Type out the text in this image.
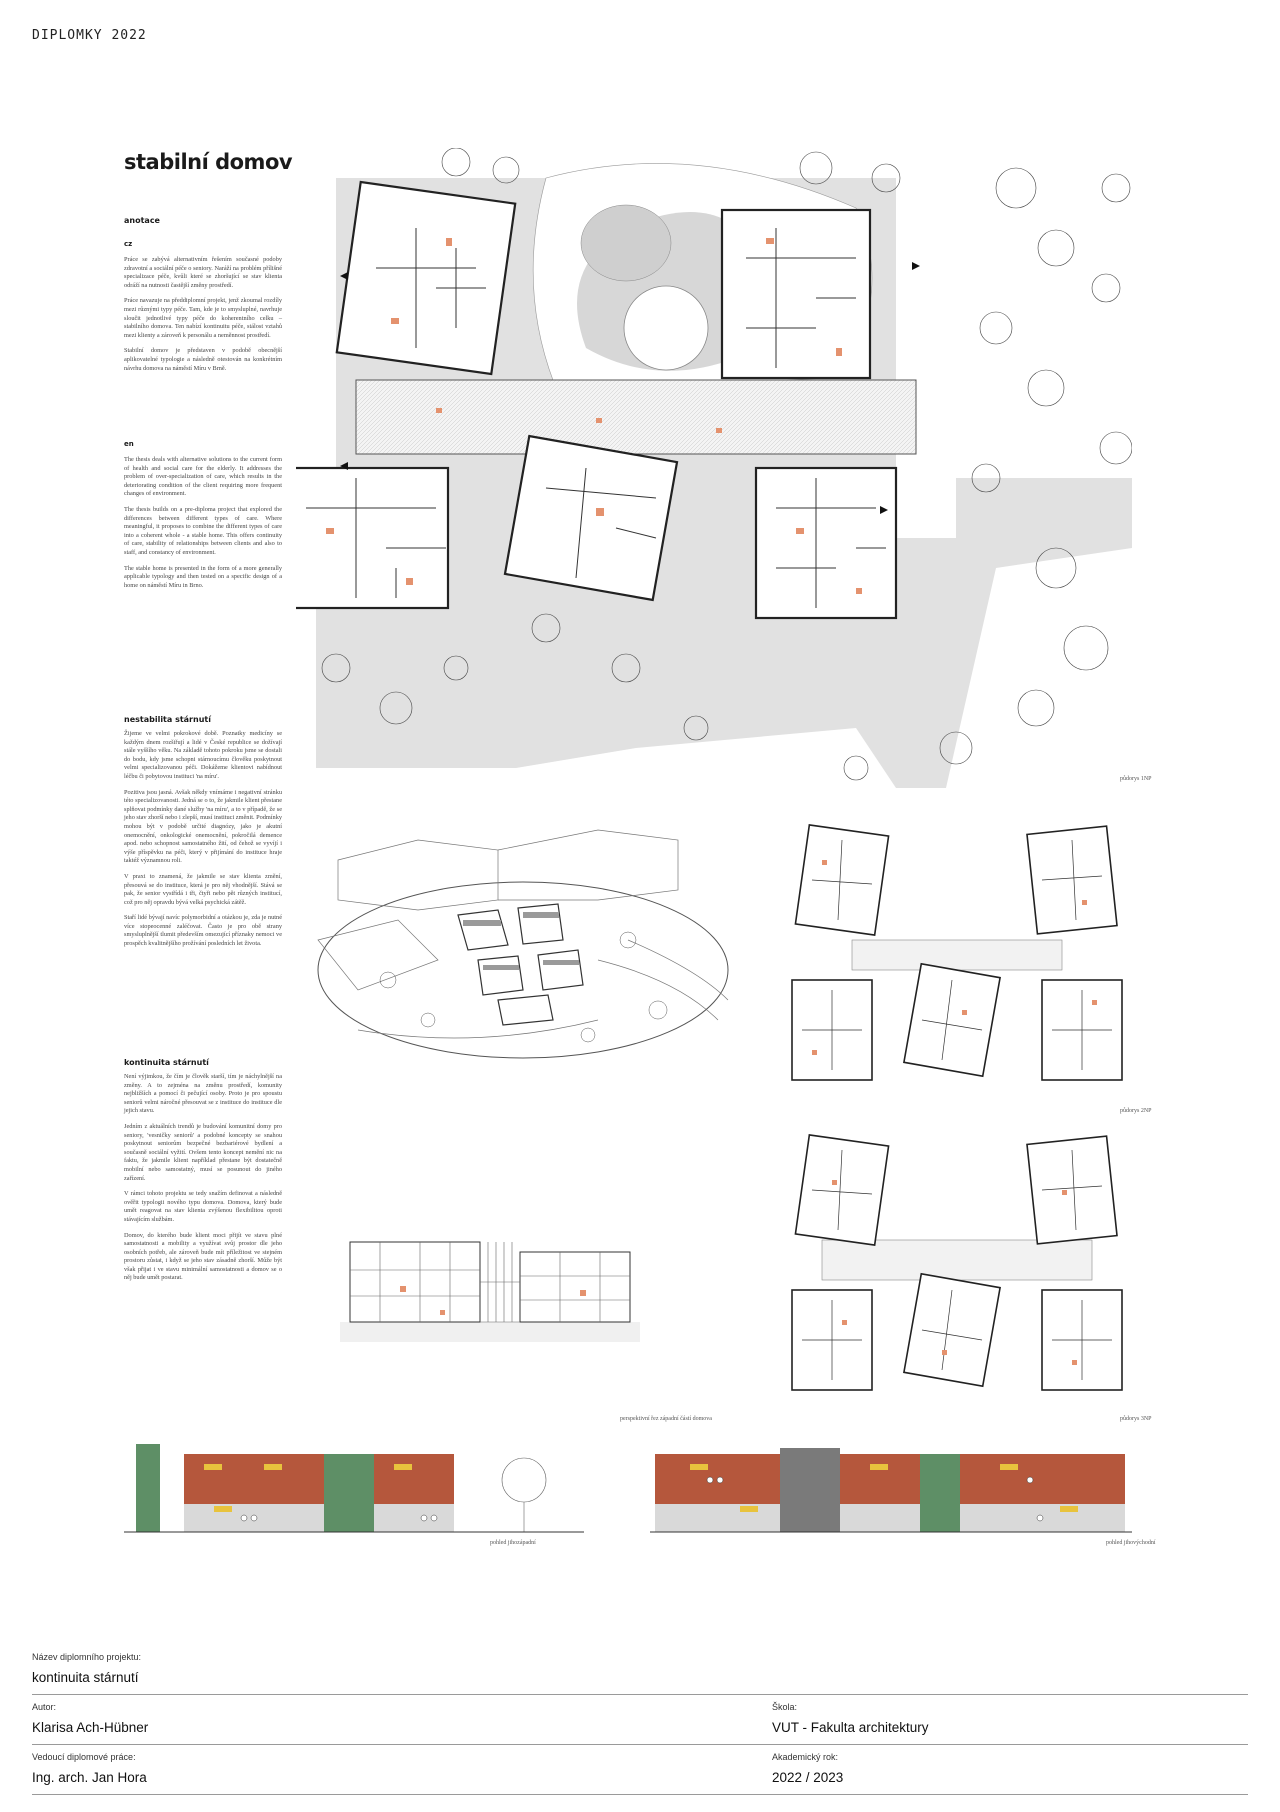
DIPLOMKY 2022
stabilní domov
anotace
cz

Práce se zabývá alternativním řešením současné podoby zdravotní a sociální péče o seniory. Naráží na problém přílišné specializace péče, kvůli které se zhoršující se stav klienta odráží na nutnosti častější změny prostředí.

Práce navazuje na předdiplomní projekt, jenž zkoumal rozdíly mezi různými typy péče. Tam, kde je to smysluplné, navrhuje sloučit jednotlivé typy péče do koherentního celku – stabilního domova. Ten nabízí kontinuitu péče, stálost vztahů mezi klienty a zároveň k personálu a neměnnost prostředí.

Stabilní domov je představen v podobě obecnější aplikovatelné typologie a následně otestován na konkrétním návrhu domova na náměstí Míru v Brně.

en

The thesis deals with alternative solutions to the current form of health and social care for the elderly. It addresses the problem of over-specialization of care, which results in the deteriorating condition of the client requiring more frequent changes of environment.

The thesis builds on a pre-diploma project that explored the differences between different types of care. Where meaningful, it proposes to combine the different types of care into a coherent whole - a stable home. This offers continuity of care, stability of relationships between clients and also to staff, and constancy of environment.

The stable home is presented in the form of a more generally applicable typology and then tested on a specific design of a home on náměstí Míru in Brno.

nestabilita stárnutí

Žijeme ve velmi pokrokové době. Poznatky medicíny se každým dnem rozšiřují a lidé v České republice se dožívají stále vyššího věku. Na základě tohoto pokroku jsme se dostali do bodu, kdy jsme schopni stárnoucímu člověku poskytnout velmi specializovanou péči. Dokážeme klientovi nabídnout léčbu či pobytovou instituci 'na míru'.

Pozitiva jsou jasná. Avšak někdy vnímáme i negativní stránku této specializovanosti. Jedná se o to, že jakmile klient přestane splňovat podmínky dané služby 'na míru', a to v případě, že se jeho stav zhorší nebo i zlepší, musí instituci změnit. Podmínky mohou být v podobě určité diagnózy, jako je akutní onemocnění, onkologické onemocnění, pokročilá demence apod. nebo schopnost samostatného žití, od čehož se vyvíjí i výše příspěvku na péči, který v přijímání do instituce hraje taktéž významnou roli.

V praxi to znamená, že jakmile se stav klienta změní, přesouvá se do instituce, která je pro něj vhodnější. Stává se pak, že senior vystřídá i tři, čtyři nebo pět různých institucí, což pro něj opravdu bývá velká psychická zátěž.

Staří lidé bývají navíc polymorbidní a otázkou je, zda je nutné více stopeocenné zaléčovat. Často je pro obě strany smysluplnější tlumit především omezující příznaky nemoci ve prospěch kvalitnějšího prožívání posledních let života.

kontinuita stárnutí

Není výjimkou, že čím je člověk starší, tím je náchylnější na změny. A to zejména na změnu prostředí, komunity nejbližších a pomocí či pečující osoby. Proto je pro spoustu seniorů velmi náročné přesouvat se z instituce do instituce dle jejich stavu.

Jedním z aktuálních trendů je budování komunitní domy pro seniory, 'vesničky seniorů' a podobné koncepty se snahou poskytnout seniorům bezpečné bezbariérové bydlení a současně sociální vyžití. Ovšem tento koncept nemění nic na faktu, že jakmile klient například přestane být dostatečně mobilní nebo samostatný, musí se posunout do jiného zařízení.

V rámci tohoto projektu se tedy snažím definovat a následně ověřit typologii nového typu domova. Domova, který bude umět reagovat na stav klienta zvýšenou flexibilitou oproti stávajícím službám.

Domov, do kterého bude klient moci přijít ve stavu plné samostatnosti a mobility a využívat svůj prostor dle jeho osobních potřeb, ale zároveň bude mít příležitost ve stejném prostoru zůstat, i když se jeho stav zásadně zhorší. Může být však přijat i ve stavu minimální samostatnosti a domov se o něj bude umět postarat.

půdorys 1NP
půdorys 2NP
půdorys 3NP
perspektivní řez západní částí domova
pohled jihozápadní	pohled jihovýchodní
Název diplomního projektu:
kontinuita stárnutí
Autor:
Klarisa Ach-Hübner
Škola:
VUT - Fakulta architektury
Vedoucí diplomové práce:
Ing. arch. Jan Hora
Akademický rok:
2022 / 2023
